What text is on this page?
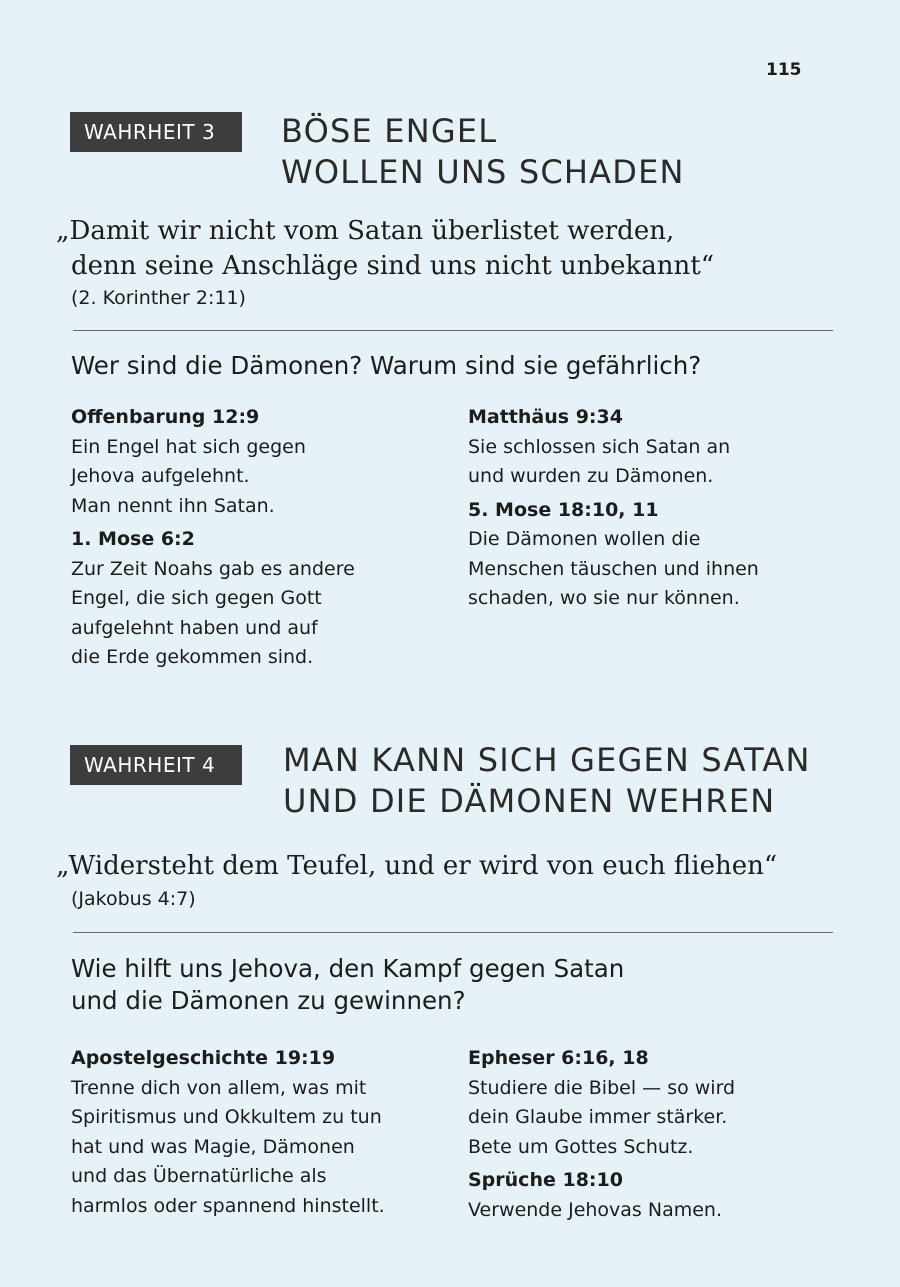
115
WAHRHEIT 3	BÖSE ENGEL
WOLLEN UNS SCHADEN
„Damit wir nicht vom Satan überlistet werden,
denn seine Anschläge sind uns nicht unbekannt“
(2. Korinther 2:11)
Wer sind die Dämonen? Warum sind sie gefährlich?
Offenbarung 12:9
Ein Engel hat sich gegen
Jehova aufgelehnt.
Man nennt ihn Satan.
1. Mose 6:2
Zur Zeit Noahs gab es andere
Engel, die sich gegen Gott
aufgelehnt haben und auf
die Erde gekommen sind.
Matthäus 9:34
Sie schlossen sich Satan an
und wurden zu Dämonen.
5. Mose 18:10, 11
Die Dämonen wollen die
Menschen täuschen und ihnen
schaden, wo sie nur können.
WAHRHEIT 4	MAN KANN SICH GEGEN SATAN
UND DIE DÄMONEN WEHREN
„Widersteht dem Teufel, und er wird von euch fliehen“
(Jakobus 4:7)
Wie hilft uns Jehova, den Kampf gegen Satan
und die Dämonen zu gewinnen?
Apostelgeschichte 19:19
Trenne dich von allem, was mit
Spiritismus und Okkultem zu tun
hat und was Magie, Dämonen
und das Übernatürliche als
harmlos oder spannend hinstellt.
Epheser 6:16, 18
Studiere die Bibel — so wird
dein Glaube immer stärker.
Bete um Gottes Schutz.
Sprüche 18:10
Verwende Jehovas Namen.
